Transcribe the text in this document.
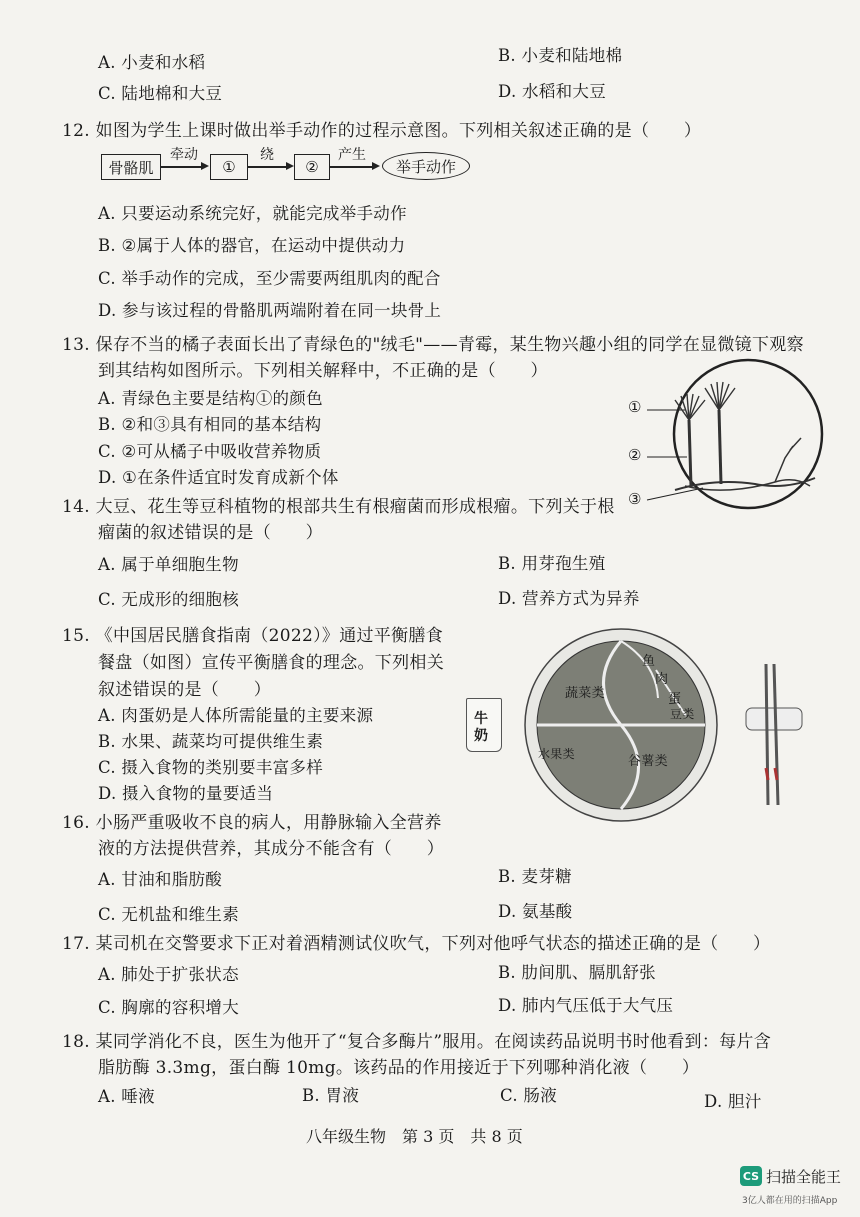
A. 小麦和水稻	B. 小麦和陆地棉
C. 陆地棉和大豆	D. 水稻和大豆
12. 如图为学生上课时做出举手动作的过程示意图。下列相关叙述正确的是（　　）
骨骼肌
牵动
①
绕
②
产生
举手动作
A. 只要运动系统完好，就能完成举手动作
B. ②属于人体的器官，在运动中提供动力
C. 举手动作的完成，至少需要两组肌肉的配合
D. 参与该过程的骨骼肌两端附着在同一块骨上
13. 保存不当的橘子表面长出了青绿色的"绒毛"——青霉，某生物兴趣小组的同学在显微镜下观察
到其结构如图所示。下列相关解释中，不正确的是（　　）
A. 青绿色主要是结构①的颜色
B. ②和③具有相同的基本结构
C. ②可从橘子中吸收营养物质
D. ①在条件适宜时发育成新个体
①
②
③
14. 大豆、花生等豆科植物的根部共生有根瘤菌而形成根瘤。下列关于根
瘤菌的叙述错误的是（　　）
A. 属于单细胞生物	B. 用芽孢生殖
C. 无成形的细胞核	D. 营养方式为异养
15. 《中国居民膳食指南（2022）》通过平衡膳食
餐盘（如图）宣传平衡膳食的理念。下列相关
叙述错误的是（　　）
A. 肉蛋奶是人体所需能量的主要来源
B. 水果、蔬菜均可提供维生素
C. 摄入食物的类别要丰富多样
D. 摄入食物的量要适当
蔬菜类
鱼
肉
蛋
豆类
水果类	谷薯类
牛
奶
16. 小肠严重吸收不良的病人，用静脉输入全营养
液的方法提供营养，其成分不能含有（　　）
A. 甘油和脂肪酸	B. 麦芽糖
C. 无机盐和维生素	D. 氨基酸
17. 某司机在交警要求下正对着酒精测试仪吹气，下列对他呼气状态的描述正确的是（　　）
A. 肺处于扩张状态	B. 肋间肌、膈肌舒张
C. 胸廓的容积增大	D. 肺内气压低于大气压
18. 某同学消化不良，医生为他开了“复合多酶片”服用。在阅读药品说明书时他看到：每片含
脂肪酶 3.3mg，蛋白酶 10mg。该药品的作用接近于下列哪种消化液（　　）
A. 唾液	B. 胃液	C. 肠液	D. 胆汁
八年级生物　第 3 页　共 8 页
CS 扫描全能王
3亿人都在用的扫描App
